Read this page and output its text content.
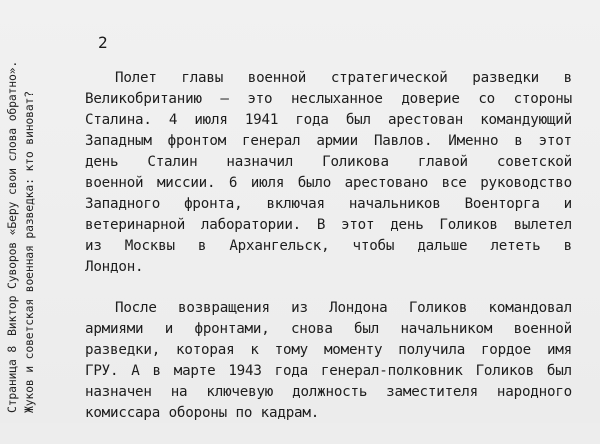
Страница 8Виктор Суворов «Беру свои слова обратно». Жуков и советская военная разведка: кто виноват?
2
Полет главы военной стратегической разведки в
Великобританию — это неслыханное доверие со стороны
Сталина. 4 июля 1941 года был арестован командующий
Западным фронтом генерал армии Павлов. Именно в этот
день Сталин назначил Голикова главой советской
военной миссии. 6 июля было арестовано все руководство
Западного фронта, включая начальников Военторга и
ветеринарной лаборатории. В этот день Голиков вылетел
из Москвы в Архангельск, чтобы дальше лететь в
Лондон.
После возвращения из Лондона Голиков командовал
армиями и фронтами, снова был начальником военной
разведки, которая к тому моменту получила гордое имя
ГРУ. А в марте 1943 года генерал-полковник Голиков был
назначен на ключевую должность заместителя народного
комиссара обороны по кадрам.
